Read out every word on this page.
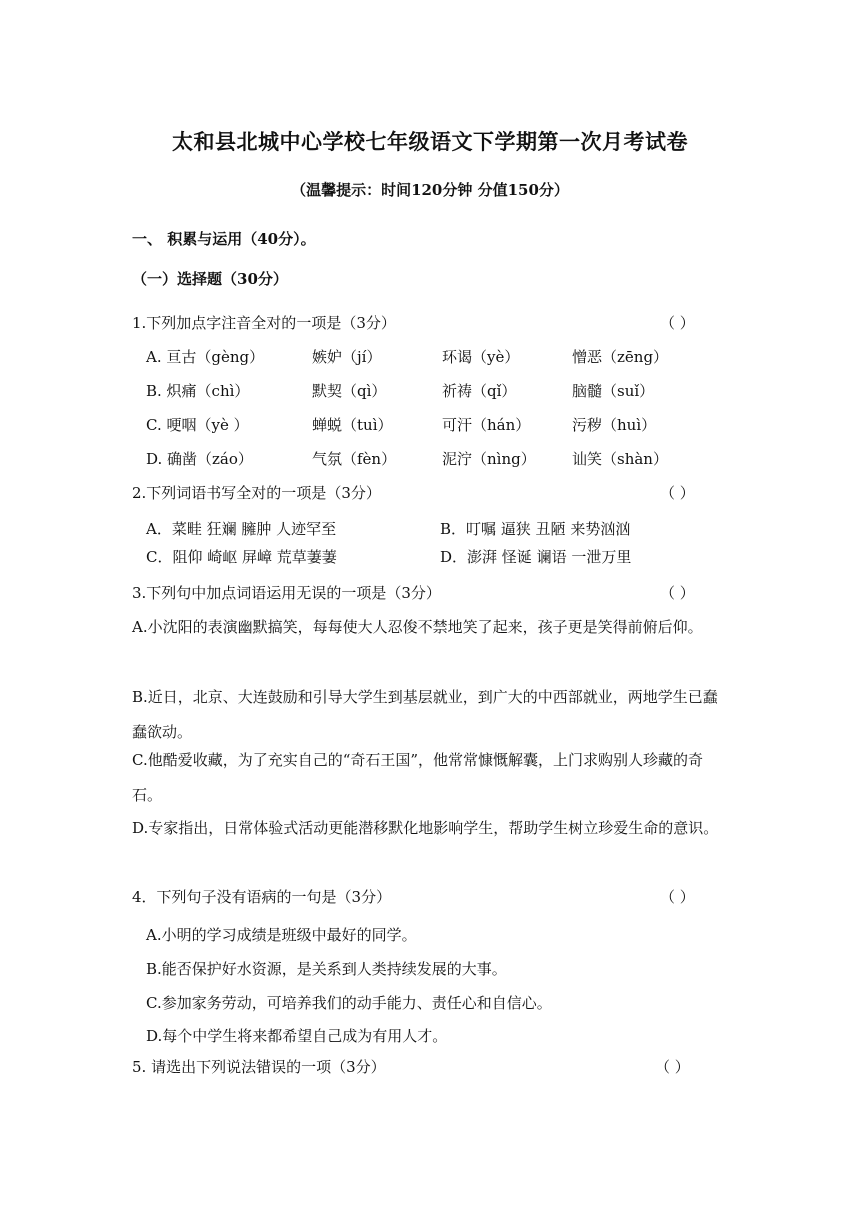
太和县北城中心学校七年级语文下学期第一次月考试卷
（温馨提示：时间120分钟 分值150分）
一、 积累与运用（40分）。
（一）选择题（30分）
1.下列加点字注音全对的一项是（3分）	（ ）
A. 亘古（gèng）	嫉妒（jí）	环谒（yè）	憎恶（zēng）
B. 炽痛（chì）	默契（qì）	祈祷（qǐ）	脑髓（suǐ）
C. 哽咽（yè ）	蝉蜕（tuì）	可汗（hán）	污秽（huì）
D. 确凿（záo）	气氛（fèn）	泥泞（nìng） 讪笑（shàn）
2.下列词语书写全对的一项是（3分）	（ ）
A．菜畦 狂斓 臃肿 人迹罕至	B．叮嘱 逼狭 丑陋 来势汹汹
C．阻仰 崎岖 屏嶂 荒草萋萋	D．澎湃 怪诞 谰语 一泄万里
3.下列句中加点词语运用无误的一项是（3分）	（ ）
A.小沈阳的表演幽默搞笑，每每使大人忍俊不禁地笑了起来，孩子更是笑得前俯后仰。
B.近日，北京、大连鼓励和引导大学生到基层就业，到广大的中西部就业，两地学生已蠢蠢欲动。
C.他酷爱收藏，为了充实自己的“奇石王国”，他常常慷慨解囊，上门求购别人珍藏的奇石。
D.专家指出，日常体验式活动更能潜移默化地影响学生，帮助学生树立珍爱生命的意识。
4．下列句子没有语病的一句是（3分）	（ ）
A.小明的学习成绩是班级中最好的同学。
B.能否保护好水资源，是关系到人类持续发展的大事。
C.参加家务劳动，可培养我们的动手能力、责任心和自信心。
D.每个中学生将来都希望自己成为有用人才。
5. 请选出下列说法错误的一项（3分）	（ ）
